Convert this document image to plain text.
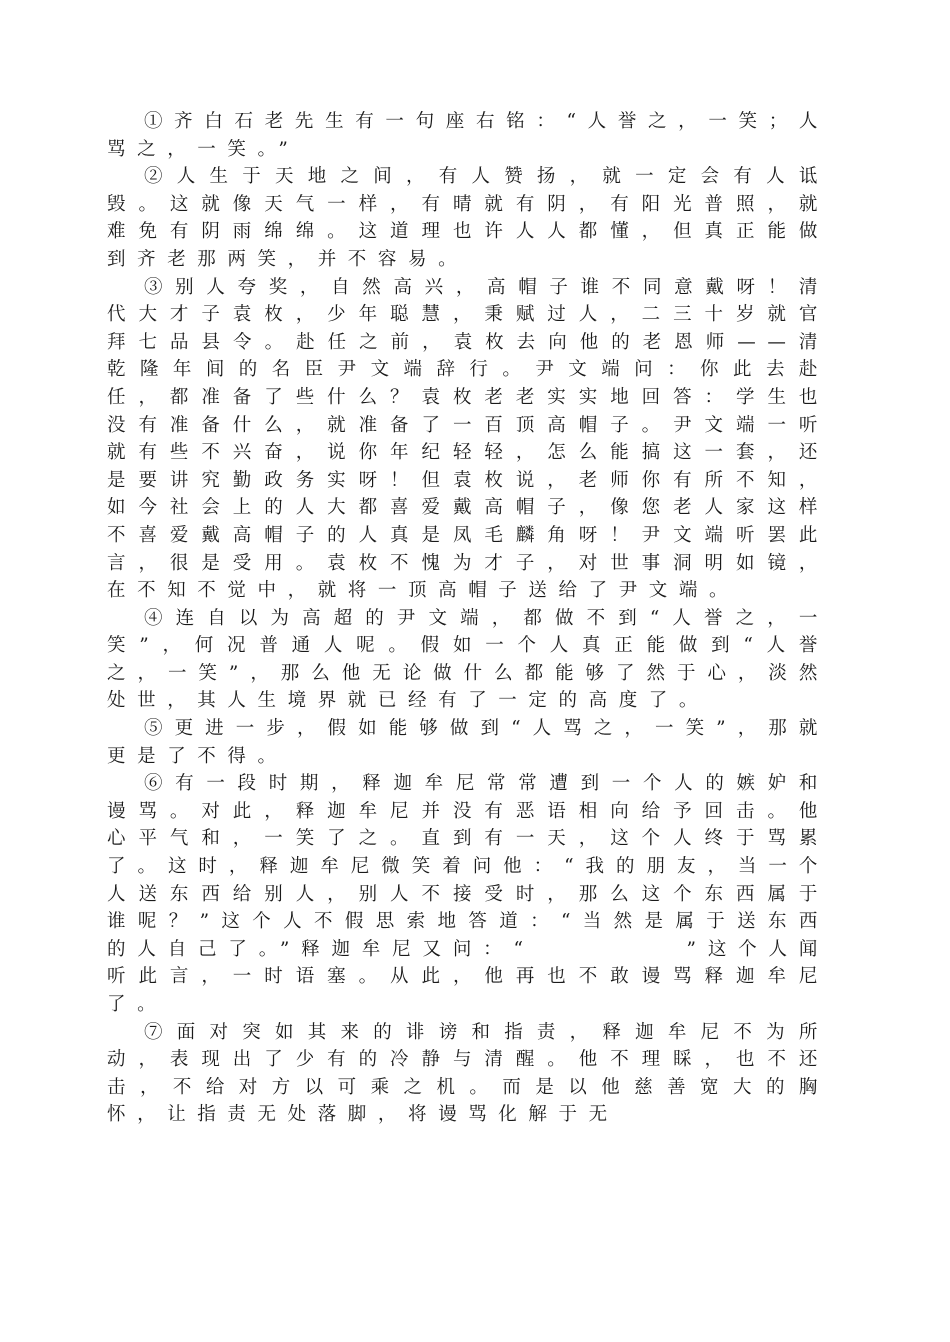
①齐白石老先生有一句座右铭：“人誉之，一笑；人骂之，一笑。”

②人生于天地之间，有人赞扬，就一定会有人诋毁。这就像天气一样，有晴就有阴，有阳光普照，就难免有阴雨绵绵。这道理也许人人都懂，但真正能做到齐老那两笑，并不容易。

③别人夸奖，自然高兴，高帽子谁不同意戴呀！清代大才子袁枚，少年聪慧，秉赋过人，二三十岁就官拜七品县令。赴任之前，袁枚去向他的老恩师——清乾隆年间的名臣尹文端辞行。尹文端问：你此去赴任，都准备了些什么？袁枚老老实实地回答：学生也没有准备什么，就准备了一百顶高帽子。尹文端一听就有些不兴奋，说你年纪轻轻，怎么能搞这一套，还是要讲究勤政务实呀！但袁枚说，老师你有所不知，如今社会上的人大都喜爱戴高帽子，像您老人家这样不喜爱戴高帽子的人真是凤毛麟角呀！尹文端听罢此言，很是受用。袁枚不愧为才子，对世事洞明如镜，在不知不觉中，就将一顶高帽子送给了尹文端。

④连自以为高超的尹文端，都做不到“人誉之，一笑”，何况普通人呢。假如一个人真正能做到“人誉之，一笑”，那么他无论做什么都能够了然于心，淡然处世，其人生境界就已经有了一定的高度了。

⑤更进一步，假如能够做到“人骂之，一笑”，那就更是了不得。

⑥有一段时期，释迦牟尼常常遭到一个人的嫉妒和谩骂。对此，释迦牟尼并没有恶语相向给予回击。他心平气和，一笑了之。直到有一天，这个人终于骂累了。这时，释迦牟尼微笑着问他：“我的朋友，当一个人送东西给别人，别人不接受时，那么这个东西属于谁呢？”这个人不假思索地答道：“当然是属于送东西的人自己了。”释迦牟尼又问：“　　　　　”这个人闻听此言，一时语塞。从此，他再也不敢谩骂释迦牟尼了。

⑦面对突如其来的诽谤和指责，释迦牟尼不为所动，表现出了少有的冷静与清醒。他不理睬，也不还击，不给对方以可乘之机。而是以他慈善宽大的胸怀，让指责无处落脚，将谩骂化解于无
